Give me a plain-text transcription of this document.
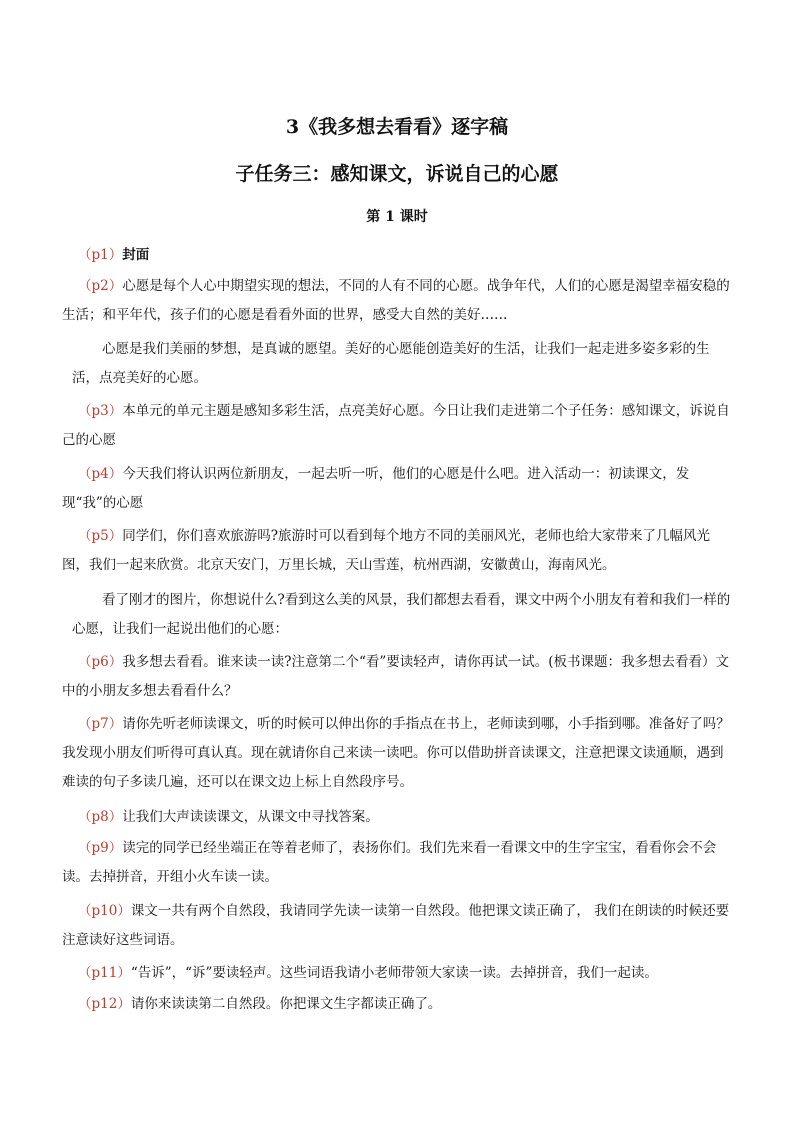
3《我多想去看看》逐字稿
子任务三：感知课文，诉说自己的心愿
第 1 课时

（p1）封面

（p2）心愿是每个人心中期望实现的想法，不同的人有不同的心愿。战争年代，人们的心愿是渴望幸福安稳的生活；和平年代，孩子们的心愿是看看外面的世界，感受大自然的美好……

心愿是我们美丽的梦想，是真诚的愿望。美好的心愿能创造美好的生活，让我们一起走进多姿多彩的生活，点亮美好的心愿。

（p3）本单元的单元主题是感知多彩生活，点亮美好心愿。今日让我们走进第二个子任务：感知课文，诉说自己的心愿

（p4）今天我们将认识两位新朋友，一起去听一听，他们的心愿是什么吧。进入活动一：初读课文，发现“我”的心愿

（p5）同学们，你们喜欢旅游吗?旅游时可以看到每个地方不同的美丽风光，老师也给大家带来了几幅风光图，我们一起来欣赏。北京天安门，万里长城，天山雪莲，杭州西湖，安徽黄山，海南风光。

看了刚才的图片，你想说什么?看到这么美的风景，我们都想去看看，课文中两个小朋友有着和我们一样的心愿，让我们一起说出他们的心愿：

（p6）我多想去看看。谁来读一读?注意第二个“看”要读轻声，请你再试一试。(板书课题：我多想去看看）文中的小朋友多想去看看什么？

（p7）请你先听老师读课文，听的时候可以伸出你的手指点在书上，老师读到哪，小手指到哪。准备好了吗？我发现小朋友们听得可真认真。现在就请你自己来读一读吧。你可以借助拼音读课文，注意把课文读通顺，遇到难读的句子多读几遍，还可以在课文边上标上自然段序号。

（p8）让我们大声读读课文，从课文中寻找答案。

（p9）读完的同学已经坐端正在等着老师了，表扬你们。我们先来看一看课文中的生字宝宝，看看你会不会读。去掉拼音，开组小火车读一读。

（p10）课文一共有两个自然段，我请同学先读一读第一自然段。他把课文读正确了， 我们在朗读的时候还要注意读好这些词语。

（p11）“告诉”，“诉”要读轻声。这些词语我请小老师带领大家读一读。去掉拼音，我们一起读。

（p12）请你来读读第二自然段。你把课文生字都读正确了。
